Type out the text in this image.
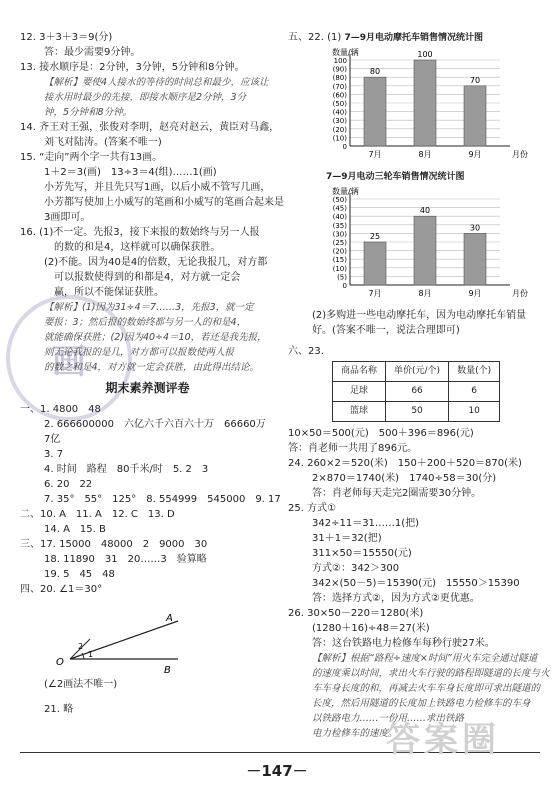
画
12. 3＋3＋3＝9(分)
答：最少需要9分钟。
13. 接水顺序是：2分钟，3分钟，5分钟和8分钟。
【解析】要使4人接水的等待的时间总和最少，应该让
接水用时最少的先接，即接水顺序是2分钟，3分
钟，5分钟和8分钟。
14. 齐王对王强，张俊对李明，赵亮对赵云，黄臣对马鑫，
刘飞对陆涛。(答案不唯一)
15. “走向”两个字一共有13画。
1＋2＝3(画)　13÷3＝4(组)……1(画)
小芳先写，并且先只写1画，以后小威不管写几画，
小芳都写使加上小威写的笔画和小威写的笔画合起来是
3画即可。
16. (1)不一定。先报3，接下来报的数始终与另一人报
的数的和是4，这样就可以确保获胜。
(2)不能。因为40是4的倍数，无论我报几，对方都
可以报数使得到的和都是4，对方就一定会
赢，所以不能保证获胜。
【解析】(1)因为31÷4＝7……3，先报3，就一定
要报：3；然后报的数始终都与另一人的和是4，
就能确保获胜；(2)因为40÷4＝10，若还是我先报，
则无论我报的是几，对方都可以报数使两人报
的数之和是4，对方就一定会获胜，由此得出结论。
期末素养测评卷
一、1. 4800　48
2. 666600000　六亿六千六百六十万　66660万
7亿
3. 7
4. 时间　路程　80千米/时　5. 2　3
6. 20　22
7. 35°　55°　125°　8. 554999　545000　9. 17
二、10. A　11. A　12. C　13. D
14. A　15. B
三、17. 15000　48000　2　9000　30
18. 11890　31　20……3　验算略
19. 5　45　48
四、20. ∠1＝30°
A
B
O
1
2
(∠2画法不唯一)
21. 略
五、22. (1) 7—9月电动摩托车销售情况统计图
数量/辆
100
(90)
(80)
(70)
(60)
(50)
(40)
(30)
(20)
(10)
0
80
7月
100
8月
70
9月	月份
7—9月电动三轮车销售情况统计图
数量/辆
(50)
(45)
(40)
(35)
(30)
(25)
(20)
(15)
(10)
(5)
0
25
7月
40
8月
30
9月	月份
(2)多购进一些电动摩托车，因为电动摩托车销量
好。(答案不唯一，说法合理即可)
六、23.
商品名称	单价(元/个)	数量(个)
足球	66	6
篮球	50	10
10×50＝500(元)　500＋396＝896(元)
答：肖老师一共用了896元。
24. 260×2＝520(米)　150＋200＋520＝870(米)
2×870＝1740(米)　1740÷58＝30(分)
答：肖老师每天走完2圈需要30分钟。
25. 方式①
342÷11＝31……1(把)
31＋1＝32(把)
311×50＝15550(元)
方式②：342＞300
342×(50－5)＝15390(元)　15550＞15390
答：选择方式②，因为方式②更优惠。
26. 30×50－220＝1280(米)
(1280＋16)÷48＝27(米)
答：这台铁路电力检修车每秒行驶27米。
【解析】根据“路程÷速度×时间”用火车完全通过隧道
的速度乘以时间，求出火车行驶的路程即隧道的长度与火
车车身长度的和，再减去火车车身长度即可求出隧道的
长度，然后用隧道的长度加上铁路电力检修车的车身
以铁路电力……一份用……求出铁路
电力检修车的速度。
－147－
答案圈
